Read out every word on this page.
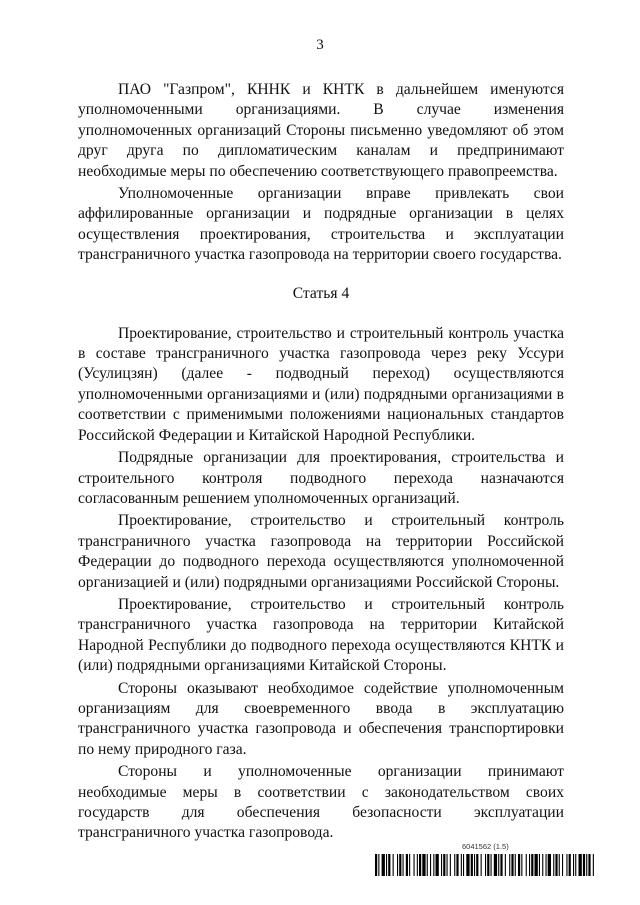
3

ПАО "Газпром", КННК и КНТК в дальнейшем именуются уполномоченными организациями. В случае изменения уполномоченных организаций Стороны письменно уведомляют об этом друг друга по дипломатическим каналам и предпринимают необходимые меры по обеспечению соответствующего правопреемства.

Уполномоченные организации вправе привлекать свои аффилированные организации и подрядные организации в целях осуществления проектирования, строительства и эксплуатации трансграничного участка газопровода на территории своего государства.

Статья 4

Проектирование, строительство и строительный контроль участка в составе трансграничного участка газопровода через реку Уссури (Усулицзян) (далее - подводный переход) осуществляются уполномоченными организациями и (или) подрядными организациями в соответствии с применимыми положениями национальных стандартов Российской Федерации и Китайской Народной Республики.

Подрядные организации для проектирования, строительства и строительного контроля подводного перехода назначаются согласованным решением уполномоченных организаций.

Проектирование, строительство и строительный контроль трансграничного участка газопровода на территории Российской Федерации до подводного перехода осуществляются уполномоченной организацией и (или) подрядными организациями Российской Стороны.

Проектирование, строительство и строительный контроль трансграничного участка газопровода на территории Китайской Народной Республики до подводного перехода осуществляются КНТК и (или) подрядными организациями Китайской Стороны.

Стороны оказывают необходимое содействие уполномоченным организациям для своевременного ввода в эксплуатацию трансграничного участка газопровода и обеспечения транспортировки по нему природного газа.

Стороны и уполномоченные организации принимают необходимые меры в соответствии с законодательством своих государств для обеспечения безопасности эксплуатации трансграничного участка газопровода.

6041562 (1.5)
